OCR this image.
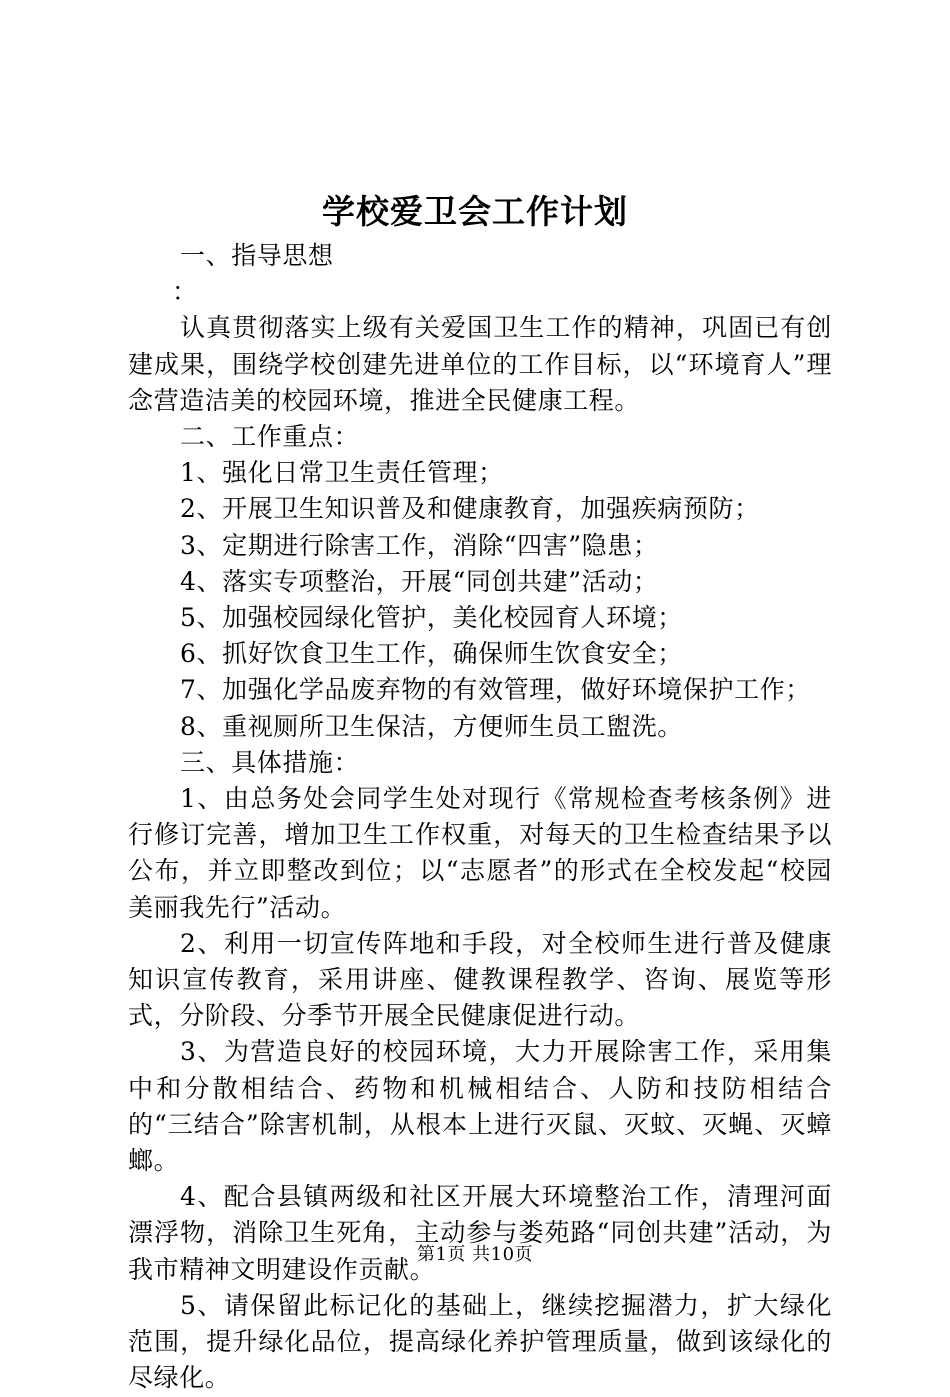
学校爱卫会工作计划

一、指导思想

：

认真贯彻落实上级有关爱国卫生工作的精神，巩固已有创建成果，围绕学校创建先进单位的工作目标，以“环境育人”理念营造洁美的校园环境，推进全民健康工程。

二、工作重点：

1、强化日常卫生责任管理；

2、开展卫生知识普及和健康教育，加强疾病预防；

3、定期进行除害工作，消除“四害”隐患；

4、落实专项整治，开展“同创共建”活动；

5、加强校园绿化管护，美化校园育人环境；

6、抓好饮食卫生工作，确保师生饮食安全；

7、加强化学品废弃物的有效管理，做好环境保护工作；

8、重视厕所卫生保洁，方便师生员工盥洗。

三、具体措施：

1、由总务处会同学生处对现行《常规检查考核条例》进行修订完善，增加卫生工作权重，对每天的卫生检查结果予以公布，并立即整改到位；以“志愿者”的形式在全校发起“校园美丽我先行”活动。

2、利用一切宣传阵地和手段，对全校师生进行普及健康知识宣传教育，采用讲座、健教课程教学、咨询、展览等形式，分阶段、分季节开展全民健康促进行动。

3、为营造良好的校园环境，大力开展除害工作，采用集中和分散相结合、药物和机械相结合、人防和技防相结合的“三结合”除害机制，从根本上进行灭鼠、灭蚊、灭蝇、灭蟑螂。

4、配合县镇两级和社区开展大环境整治工作，清理河面漂浮物，消除卫生死角，主动参与娄苑路“同创共建”活动，为我市精神文明建设作贡献。

5、请保留此标记化的基础上，继续挖掘潜力，扩大绿化范围，提升绿化品位，提高绿化养护管理质量，做到该绿化的尽绿化。

第1页 共10页
